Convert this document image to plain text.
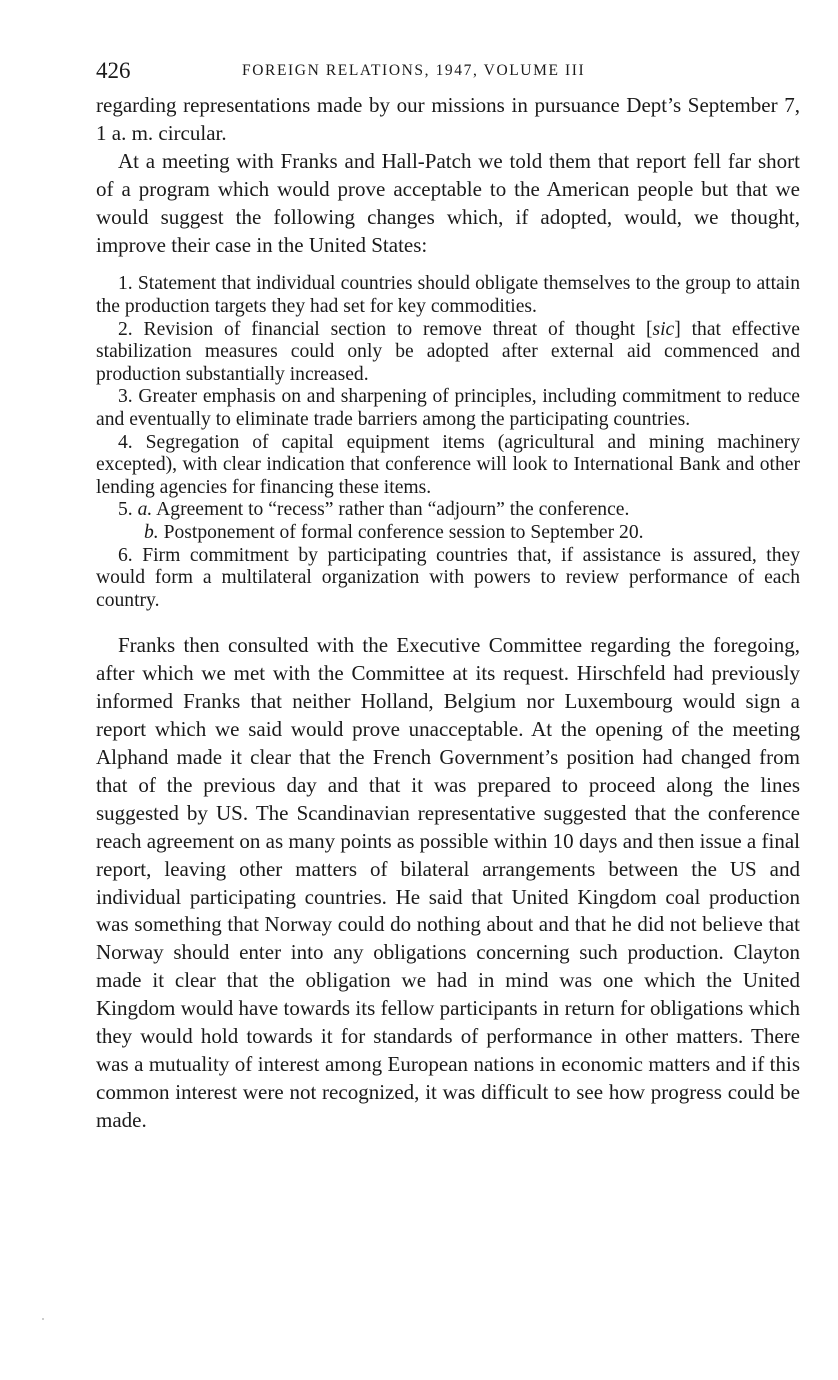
426	FOREIGN RELATIONS, 1947, VOLUME III

regarding representations made by our missions in pursuance Dept’s September 7, 1 a. m. circular.

At a meeting with Franks and Hall-Patch we told them that report fell far short of a program which would prove acceptable to the American people but that we would suggest the following changes which, if adopted, would, we thought, improve their case in the United States:

1. Statement that individual countries should obligate themselves to the group to attain the production targets they had set for key commodities.

2. Revision of financial section to remove threat of thought [sic] that effective stabilization measures could only be adopted after external aid commenced and production substantially increased.

3. Greater emphasis on and sharpening of principles, including commitment to reduce and eventually to eliminate trade barriers among the participating countries.

4. Segregation of capital equipment items (agricultural and mining machinery excepted), with clear indication that conference will look to International Bank and other lending agencies for financing these items.

5. a. Agreement to “recess” rather than “adjourn” the conference.

b. Postponement of formal conference session to September 20.

6. Firm commitment by participating countries that, if assistance is assured, they would form a multilateral organization with powers to review performance of each country.

Franks then consulted with the Executive Committee regarding the foregoing, after which we met with the Committee at its request. Hirschfeld had previously informed Franks that neither Holland, Belgium nor Luxembourg would sign a report which we said would prove unacceptable. At the opening of the meeting Alphand made it clear that the French Government’s position had changed from that of the previous day and that it was prepared to proceed along the lines suggested by US. The Scandinavian representative suggested that the conference reach agreement on as many points as possible within 10 days and then issue a final report, leaving other matters of bilateral arrangements between the US and individual participating countries. He said that United Kingdom coal production was something that Norway could do nothing about and that he did not believe that Norway should enter into any obligations concerning such production. Clayton made it clear that the obligation we had in mind was one which the United Kingdom would have towards its fellow participants in return for obligations which they would hold towards it for standards of performance in other matters. There was a mutuality of interest among European nations in economic matters and if this common interest were not recognized, it was difficult to see how progress could be made.
